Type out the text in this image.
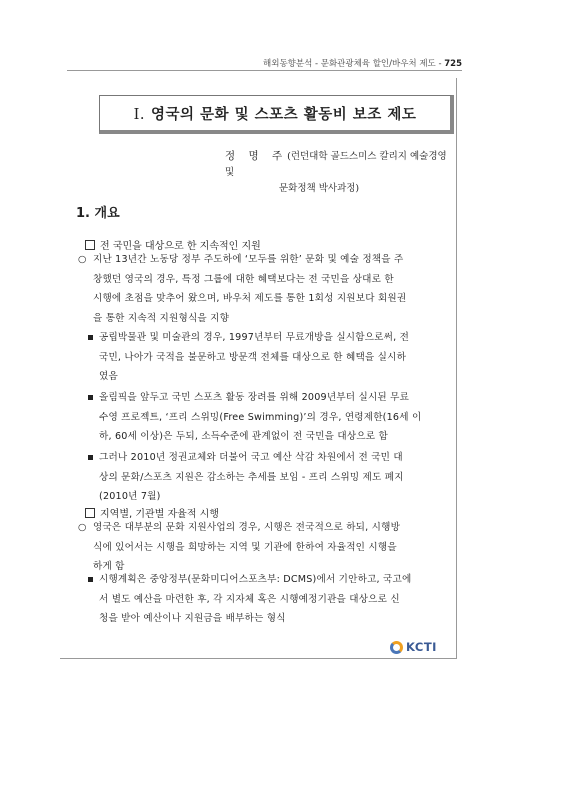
해외동향분석 - 문화관광체육 할인/바우처 제도 - 725
Ⅰ. 영국의 문화 및 스포츠 활동비 보조 제도
정 명 주(런던대학 골드스미스 칼리지 예술경영 및
문화정책 박사과정)
1. 개요
전 국민을 대상으로 한 지속적인 지원
○ 지난 13년간 노동당 정부 주도하에 ‘모두를 위한’ 문화 및 예술 정책을 주
창했던 영국의 경우, 특정 그룹에 대한 혜택보다는 전 국민을 상대로 한
시행에 초점을 맞추어 왔으며, 바우처 제도를 통한 1회성 지원보다 회원권
을 통한 지속적 지원형식을 지향
공립박물관 및 미술관의 경우, 1997년부터 무료개방을 실시함으로써, 전
국민, 나아가 국적을 불문하고 방문객 전체를 대상으로 한 혜택을 실시하
였음
올림픽을 앞두고 국민 스포츠 활동 장려를 위해 2009년부터 실시된 무료
수영 프로젝트, ‘프리 스위밍(Free Swimming)’의 경우, 연령제한(16세 이
하, 60세 이상)은 두되, 소득수준에 관계없이 전 국민을 대상으로 함
그러나 2010년 정권교체와 더불어 국고 예산 삭감 차원에서 전 국민 대
상의 문화/스포츠 지원은 감소하는 추세를 보임 - 프리 스위밍 제도 폐지
(2010년 7월)
지역별, 기관별 자율적 시행
○ 영국은 대부분의 문화 지원사업의 경우, 시행은 전국적으로 하되, 시행방
식에 있어서는 시행을 희망하는 지역 및 기관에 한하여 자율적인 시행을
하게 함
시행계획은 중앙정부(문화미디어스포츠부: DCMS)에서 기안하고, 국고에
서 별도 예산을 마련한 후, 각 지자체 혹은 시행예정기관을 대상으로 신
청을 받아 예산이나 지원금을 배부하는 형식
KCTI
